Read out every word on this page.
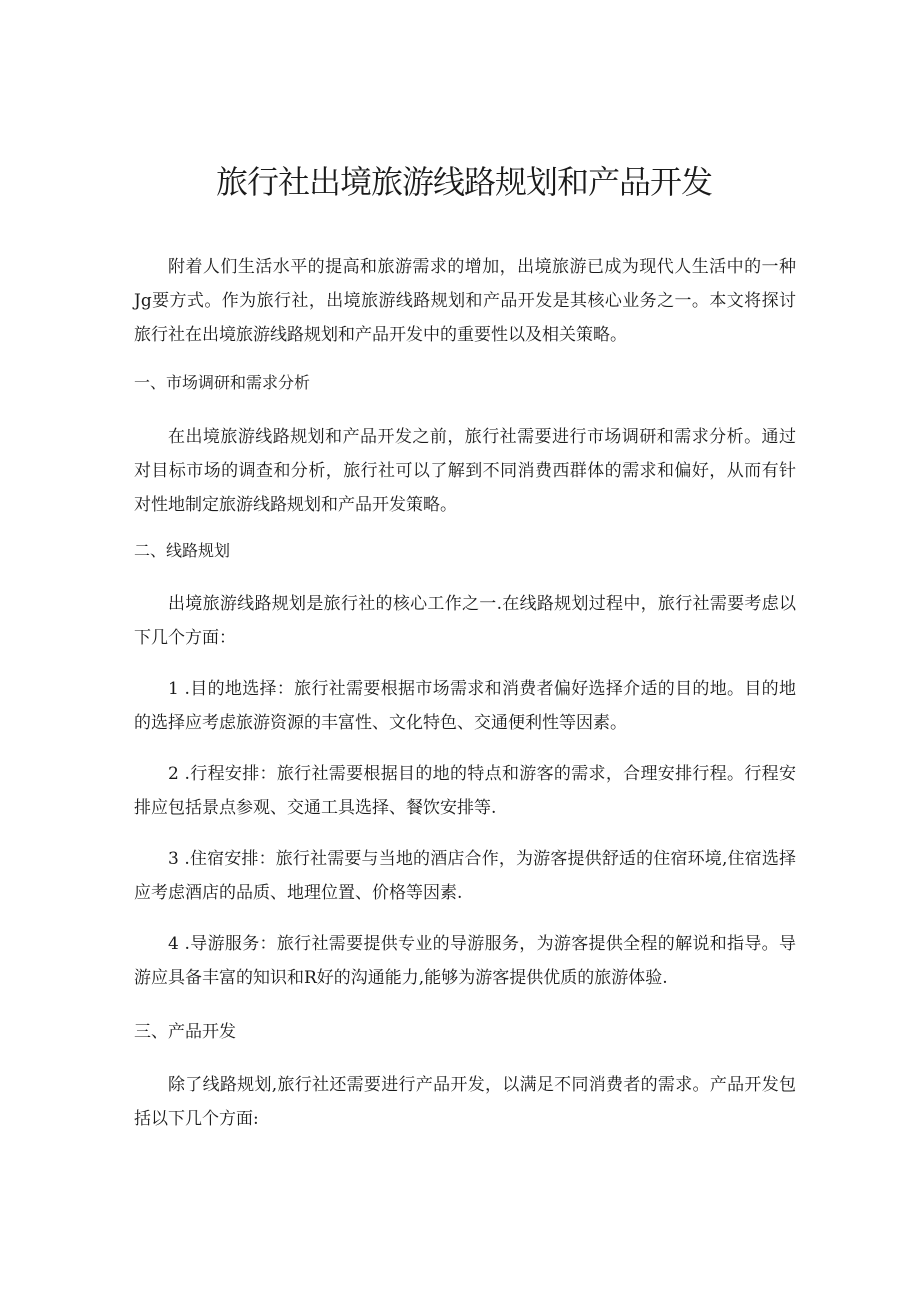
旅行社出境旅游线路规划和产品开发

附着人们生活水平的提高和旅游需求的增加，出境旅游已成为现代人生活中的一种Jg要方式。作为旅行社，出境旅游线路规划和产品开发是其核心业务之一。本文将探讨旅行社在出境旅游线路规划和产品开发中的重要性以及相关策略。

一、市场调研和需求分析

在出境旅游线路规划和产品开发之前，旅行社需要进行市场调研和需求分析。通过对目标市场的调查和分析，旅行社可以了解到不同消费西群体的需求和偏好，从而有针对性地制定旅游线路规划和产品开发策略。

二、线路规划

出境旅游线路规划是旅行社的核心工作之一.在线路规划过程中，旅行社需要考虑以下几个方面：

1 .目的地选择：旅行社需要根据市场需求和消费者偏好选择介适的目的地。目的地的选择应考虑旅游资源的丰富性、文化特色、交通便利性等因素。

2 .行程安排：旅行社需要根据目的地的特点和游客的需求，合理安排行程。行程安排应包括景点参观、交通工具选择、餐饮安排等.

3 .住宿安排：旅行社需要与当地的酒店合作，为游客提供舒适的住宿环境,住宿选择应考虑酒店的品质、地理位置、价格等因素.

4 .导游服务：旅行社需要提供专业的导游服务，为游客提供全程的解说和指导。导游应具备丰富的知识和R好的沟通能力,能够为游客提供优质的旅游体验.

三、产品开发

除了线路规划,旅行社还需要进行产品开发，以满足不同消费者的需求。产品开发包括以下几个方面:
